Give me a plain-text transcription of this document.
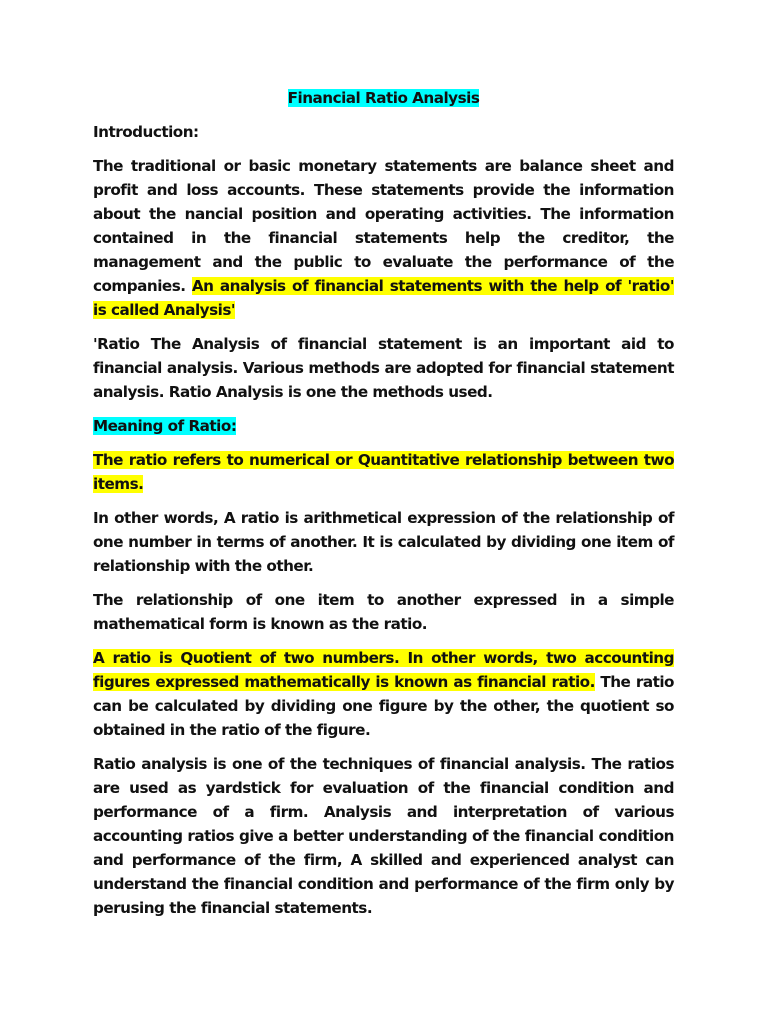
Financial Ratio Analysis
Introduction:
The traditional or basic monetary statements are balance sheet and profit and loss accounts. These statements provide the information about the nancial position and operating activities. The information contained in the financial statements help the creditor, the management and the public to evaluate the performance of the companies. An analysis of financial statements with the help of 'ratio' is called Analysis'
'Ratio The Analysis of financial statement is an important aid to financial analysis. Various methods are adopted for financial statement analysis. Ratio Analysis is one the methods used.
Meaning of Ratio:
The ratio refers to numerical or Quantitative relationship between two items.
In other words, A ratio is arithmetical expression of the relationship of one number in terms of another. It is calculated by dividing one item of relationship with the other.
The relationship of one item to another expressed in a simple mathematical form is known as the ratio.
A ratio is Quotient of two numbers. In other words, two accounting figures expressed mathematically is known as financial ratio. The ratio can be calculated by dividing one figure by the other, the quotient so obtained in the ratio of the figure.
Ratio analysis is one of the techniques of financial analysis. The ratios are used as yardstick for evaluation of the financial condition and performance of a firm. Analysis and interpretation of various accounting ratios give a better understanding of the financial condition and performance of the firm, A skilled and experienced analyst can understand the financial condition and performance of the firm only by perusing the financial statements.
